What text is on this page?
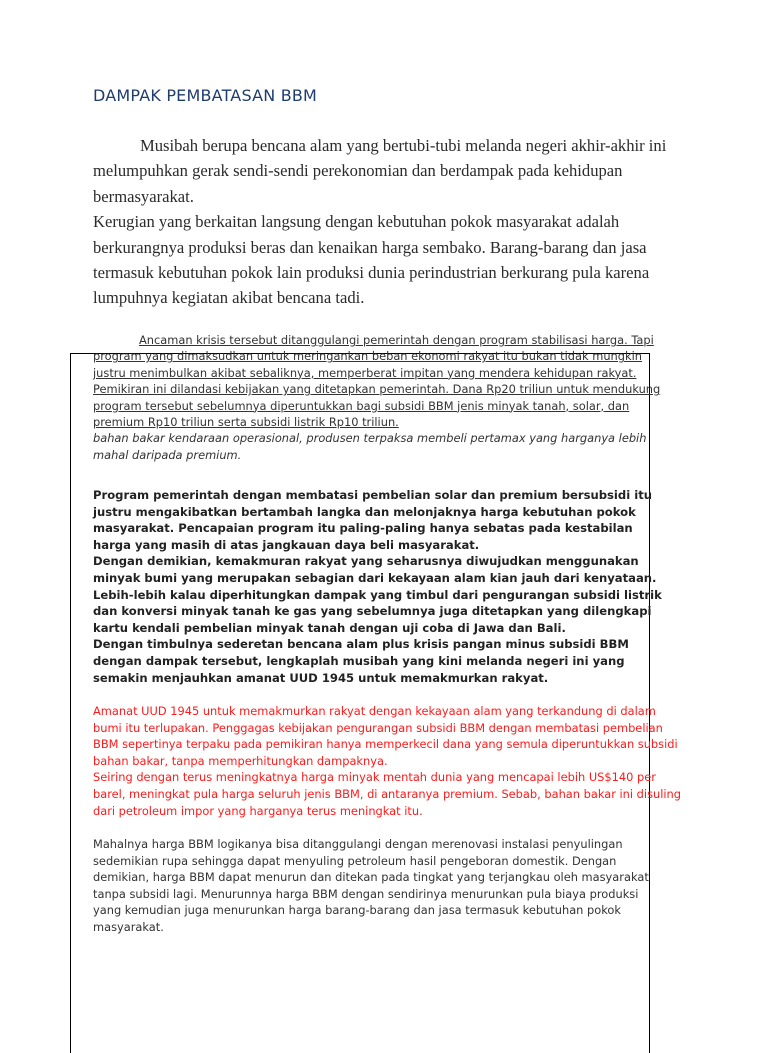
DAMPAK PEMBATASAN BBM

Musibah berupa bencana alam yang bertubi-tubi melanda negeri akhir-akhir ini melumpuhkan gerak sendi-sendi perekonomian dan berdampak pada kehidupan bermasyarakat.

Kerugian yang berkaitan langsung dengan kebutuhan pokok masyarakat adalah berkurangnya produksi beras dan kenaikan harga sembako. Barang-barang dan jasa termasuk kebutuhan pokok lain produksi dunia perindustrian berkurang pula karena lumpuhnya kegiatan akibat bencana tadi.

Ancaman krisis tersebut ditanggulangi pemerintah dengan program stabilisasi harga. Tapi program yang dimaksudkan untuk meringankan beban ekonomi rakyat itu bukan tidak mungkin justru menimbulkan akibat sebaliknya, memperberat impitan yang mendera kehidupan rakyat. Pemikiran ini dilandasi kebijakan yang ditetapkan pemerintah. Dana Rp20 triliun untuk mendukung program tersebut sebelumnya diperuntukkan bagi subsidi BBM jenis minyak tanah, solar, dan premium Rp10 triliun serta subsidi listrik Rp10 triliun.

bahan bakar kendaraan operasional, produsen terpaksa membeli pertamax yang harganya lebih mahal daripada premium.

Program pemerintah dengan membatasi pembelian solar dan premium bersubsidi itu justru mengakibatkan bertambah langka dan melonjaknya harga kebutuhan pokok masyarakat. Pencapaian program itu paling-paling hanya sebatas pada kestabilan harga yang masih di atas jangkauan daya beli masyarakat.

Dengan demikian, kemakmuran rakyat yang seharusnya diwujudkan menggunakan minyak bumi yang merupakan sebagian dari kekayaan alam kian jauh dari kenyataan. Lebih-lebih kalau diperhitungkan dampak yang timbul dari pengurangan subsidi listrik dan konversi minyak tanah ke gas yang sebelumnya juga ditetapkan yang dilengkapi kartu kendali pembelian minyak tanah dengan uji coba di Jawa dan Bali.

Dengan timbulnya sederetan bencana alam plus krisis pangan minus subsidi BBM dengan dampak tersebut, lengkaplah musibah yang kini melanda negeri ini yang semakin menjauhkan amanat UUD 1945 untuk memakmurkan rakyat.

Amanat UUD 1945 untuk memakmurkan rakyat dengan kekayaan alam yang terkandung di dalam bumi itu terlupakan. Penggagas kebijakan pengurangan subsidi BBM dengan membatasi pembelian BBM sepertinya terpaku pada pemikiran hanya memperkecil dana yang semula diperuntukkan subsidi bahan bakar, tanpa memperhitungkan dampaknya.

Seiring dengan terus meningkatnya harga minyak mentah dunia yang mencapai lebih US$140 per barel, meningkat pula harga seluruh jenis BBM, di antaranya premium. Sebab, bahan bakar ini disuling dari petroleum impor yang harganya terus meningkat itu.

Mahalnya harga BBM logikanya bisa ditanggulangi dengan merenovasi instalasi penyulingan sedemikian rupa sehingga dapat menyuling petroleum hasil pengeboran domestik. Dengan demikian, harga BBM dapat menurun dan ditekan pada tingkat yang terjangkau oleh masyarakat tanpa subsidi lagi. Menurunnya harga BBM dengan sendirinya menurunkan pula biaya produksi yang kemudian juga menurunkan harga barang-barang dan jasa termasuk kebutuhan pokok masyarakat.
